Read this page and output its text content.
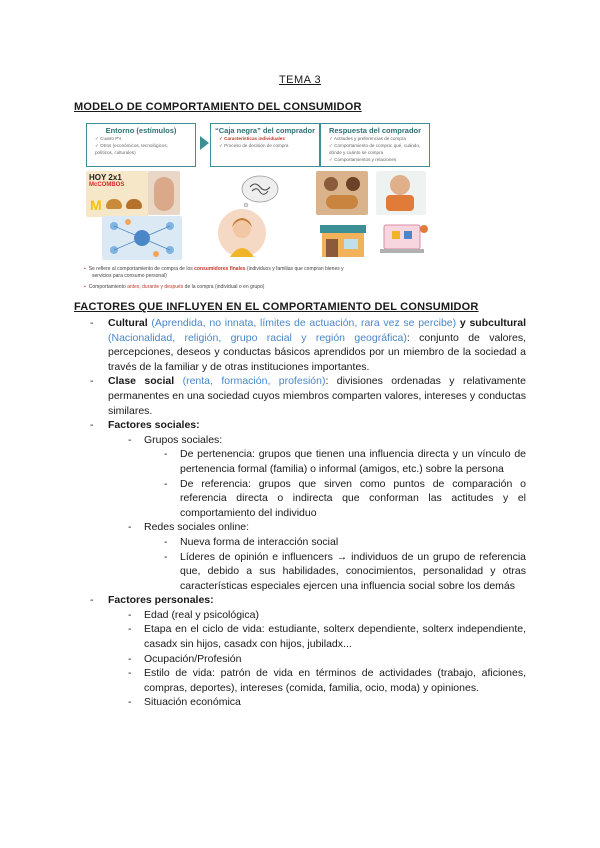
TEMA 3
MODELO DE COMPORTAMIENTO DEL CONSUMIDOR
Entorno (estímulos)
✓ Cuatro P's
✓ Otros (económicos, tecnológicos,
políticos, culturales)
“Caja negra” del comprador
✓ Características individuales
✓ Proceso de decisión de compra
Respuesta del comprador
✓ Actitudes y preferencias de compra
✓ Comportamiento de compra: qué, cuándo,
dónde y cuánto se compra
✓ Comportamientos y relaciones
HOY 2x1
McCOMBOS
M
▪ Se refiere al comportamiento de compra de los consumidores finales (individuos y familias que compran bienes y
servicios para consumo personal)
▪ Comportamiento antes, durante y después de la compra (individual o en grupo)
FACTORES QUE INFLUYEN EN EL COMPORTAMIENTO DEL CONSUMIDOR
- Cultural (Aprendida, no innata, límites de actuación, rara vez se percibe) y subcultural (Nacionalidad, religión, grupo racial y región geográfica): conjunto de valores, percepciones, deseos y conductas básicos aprendidos por un miembro de la sociedad a través de la familiar y de otras instituciones importantes.
- Clase social (renta, formación, profesión): divisiones ordenadas y relativamente permanentes en una sociedad cuyos miembros comparten valores, intereses y conductas similares.
- Factores sociales:
- Grupos sociales:
- De pertenencia: grupos que tienen una influencia directa y un vínculo de pertenencia formal (familia) o informal (amigos, etc.) sobre la persona
- De referencia: grupos que sirven como puntos de comparación o referencia directa o indirecta que conforman las actitudes y el comportamiento del individuo
- Redes sociales online:
- Nueva forma de interacción social
- Líderes de opinión e influencers → individuos de un grupo de referencia que, debido a sus habilidades, conocimientos, personalidad y otras características especiales ejercen una influencia social sobre los demás
- Factores personales:
- Edad (real y psicológica)
- Etapa en el ciclo de vida: estudiante, solterx dependiente, solterx independiente, casadx sin hijos, casadx con hijos, jubiladx...
- Ocupación/Profesión
- Estilo de vida: patrón de vida en términos de actividades (trabajo, aficiones, compras, deportes), intereses (comida, familia, ocio, moda) y opiniones.
- Situación económica
